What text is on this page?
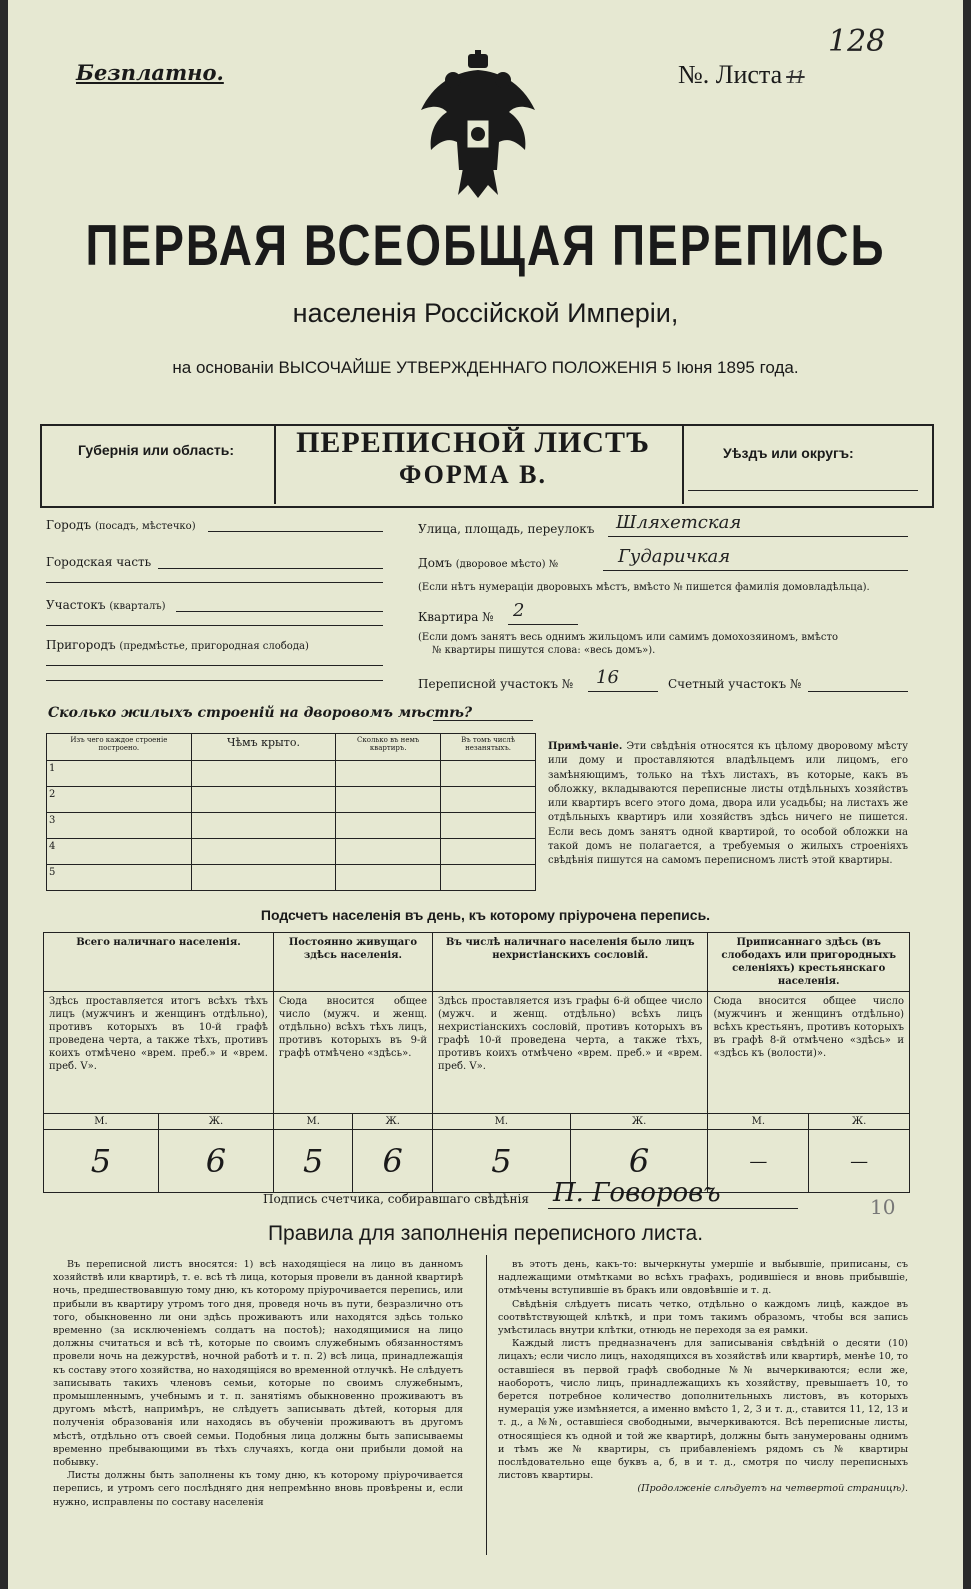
Безплатно.	№. Листа 11
128
ПЕРВАЯ ВСЕОБЩАЯ ПЕРЕПИСЬ
населенія Россійской Имперіи,
на основаніи ВЫСОЧАЙШЕ УТВЕРЖДЕННАГО ПОЛОЖЕНІЯ 5 Іюня 1895 года.
Губернія или область:	ПЕРЕПИСНОЙ ЛИСТЪ
ФОРМА В.
Уѣздъ или округъ:
Городъ (посадъ, мѣстечко)
Городская часть
Участокъ (кварталъ)
Пригородъ (предмѣстье, пригородная слобода)
Улица, площадь, переулокъ Шляхетская
Домъ (дворовое мѣсто) №	Гударичкая
(Если нѣтъ нумераціи дворовыхъ мѣстъ, вмѣсто № пишется фамилія домовладѣльца).
Квартира № 2
(Если домъ занятъ весь однимъ жильцомъ или самимъ домохозяиномъ, вмѣсто
№ квартиры пишутся слова: «весь домъ»).
Переписной участокъ № 16	Счетный участокъ №
Сколько жилыхъ строеній на дворовомъ мѣстѣ?
Изъ чего каждое строеніе построено.	Чѣмъ крыто.	Сколько въ немъ квартиръ.	Въ томъ числѣ незанятыхъ.
1			
2			
3			
4			
5			
Примѣчаніе. Эти свѣдѣнія относятся къ цѣлому дворовому мѣсту или дому и проставляются владѣльцемъ или лицомъ, его замѣняющимъ, только на тѣхъ листахъ, въ которые, какъ въ обложку, вкладываются переписные листы отдѣльныхъ хозяйствъ или квартиръ всего этого дома, двора или усадьбы; на листахъ же отдѣльныхъ квартиръ или хозяйствъ здѣсь ничего не пишется. Если весь домъ занятъ одной квартирой, то особой обложки на такой домъ не полагается, а требуемыя о жилыхъ строеніяхъ свѣдѣнія пишутся на самомъ переписномъ листѣ этой квартиры.
Подсчетъ населенія въ день, къ которому пріурочена перепись.
Всего наличнаго населенія.		Постоянно живущаго здѣсь населенія.		Въ числѣ наличнаго населенія было лицъ нехристіанскихъ сословій.		Приписаннаго здѣсь (въ слободахъ или пригородныхъ селеніяхъ) крестьянскаго населенія.	
Здѣсь проставляется итогъ всѣхъ тѣхъ лицъ (мужчинъ и женщинъ отдѣльно), противъ которыхъ въ 10-й графѣ проведена черта, а также тѣхъ, противъ коихъ отмѣчено «врем. преб.» и «врем. преб. V».		Сюда вносится общее число (мужч. и женщ. отдѣльно) всѣхъ тѣхъ лицъ, противъ которыхъ въ 9-й графѣ отмѣчено «здѣсь».		Здѣсь проставляется изъ графы 6-й общее число (мужч. и женщ. отдѣльно) всѣхъ лицъ нехристіанскихъ сословій, противъ которыхъ въ графѣ 10-й проведена черта, а также тѣхъ, противъ коихъ отмѣчено «врем. преб.» и «врем. преб. V».		Сюда вносится общее число (мужчинъ и женщинъ отдѣльно) всѣхъ крестьянъ, противъ которыхъ въ графѣ 8-й отмѣчено «здѣсь» и «здѣсь къ (волости)».	
М.	Ж.	М.	Ж.	М.	Ж.	М.	Ж.
5	6	5	6	5	6	—	—
Подпись счетчика, собиравшаго свѣдѣнія П. Говоровъ	10
Правила для заполненія переписного листа.

Въ переписной листъ вносятся: 1) всѣ находящіеся на лицо въ данномъ хозяйствѣ или квартирѣ, т. е. всѣ тѣ лица, которыя провели въ данной квартирѣ ночь, предшествовавшую тому дню, къ которому пріурочивается перепись, или прибыли въ квартиру утромъ того дня, проведя ночь въ пути, безразлично отъ того, обыкновенно ли они здѣсь проживаютъ или находятся здѣсь только временно (за исключеніемъ солдатъ на постоѣ); находящимися на лицо должны считаться и всѣ тѣ, которые по своимъ служебнымъ обязанностямъ провели ночь на дежурствѣ, ночной работѣ и т. п. 2) всѣ лица, принадлежащія къ составу этого хозяйства, но находящіяся во временной отлучкѣ. Не слѣдуетъ записывать такихъ членовъ семьи, которые по своимъ служебнымъ, промышленнымъ, учебнымъ и т. п. занятіямъ обыкновенно проживаютъ въ другомъ мѣстѣ, напримѣръ, не слѣдуетъ записывать дѣтей, которыя для полученія образованія или находясь въ обученіи проживаютъ въ другомъ мѣстѣ, отдѣльно отъ своей семьи. Подобныя лица должны быть записываемы временно пребывающими въ тѣхъ случаяхъ, когда они прибыли домой на побывку.

Листы должны быть заполнены къ тому дню, къ которому пріурочивается перепись, и утромъ сего послѣдняго дня непремѣнно вновь провѣрены и, если нужно, исправлены по составу населенія

въ этотъ день, какъ-то: вычеркнуты умершіе и выбывшіе, приписаны, съ надлежащими отмѣтками во всѣхъ графахъ, родившіеся и вновь прибывшіе, отмѣчены вступившіе въ бракъ или овдовѣвшіе и т. д.

Свѣдѣнія слѣдуетъ писать четко, отдѣльно о каждомъ лицѣ, каждое въ соотвѣтствующей клѣткѣ, и при томъ такимъ образомъ, чтобы вся запись умѣстилась внутри клѣтки, отнюдь не переходя за ея рамки.

Каждый листъ предназначенъ для записыванія свѣдѣній о десяти (10) лицахъ; если число лицъ, находящихся въ хозяйствѣ или квартирѣ, менѣе 10, то оставшіеся въ первой графѣ свободные №№ вычеркиваются; если же, наоборотъ, число лицъ, принадлежащихъ къ хозяйству, превышаетъ 10, то берется потребное количество дополнительныхъ листовъ, въ которыхъ нумерація уже измѣняется, а именно вмѣсто 1, 2, 3 и т. д., ставится 11, 12, 13 и т. д., а №№, оставшіеся свободными, вычеркиваются. Всѣ переписные листы, относящіеся къ одной и той же квартирѣ, должны быть занумерованы однимъ и тѣмъ же № квартиры, съ прибавленіемъ рядомъ съ № квартиры послѣдовательно еще буквъ а, б, в и т. д., смотря по числу переписныхъ листовъ квартиры.

(Продолженіе слѣдуетъ на четвертой страницѣ).
